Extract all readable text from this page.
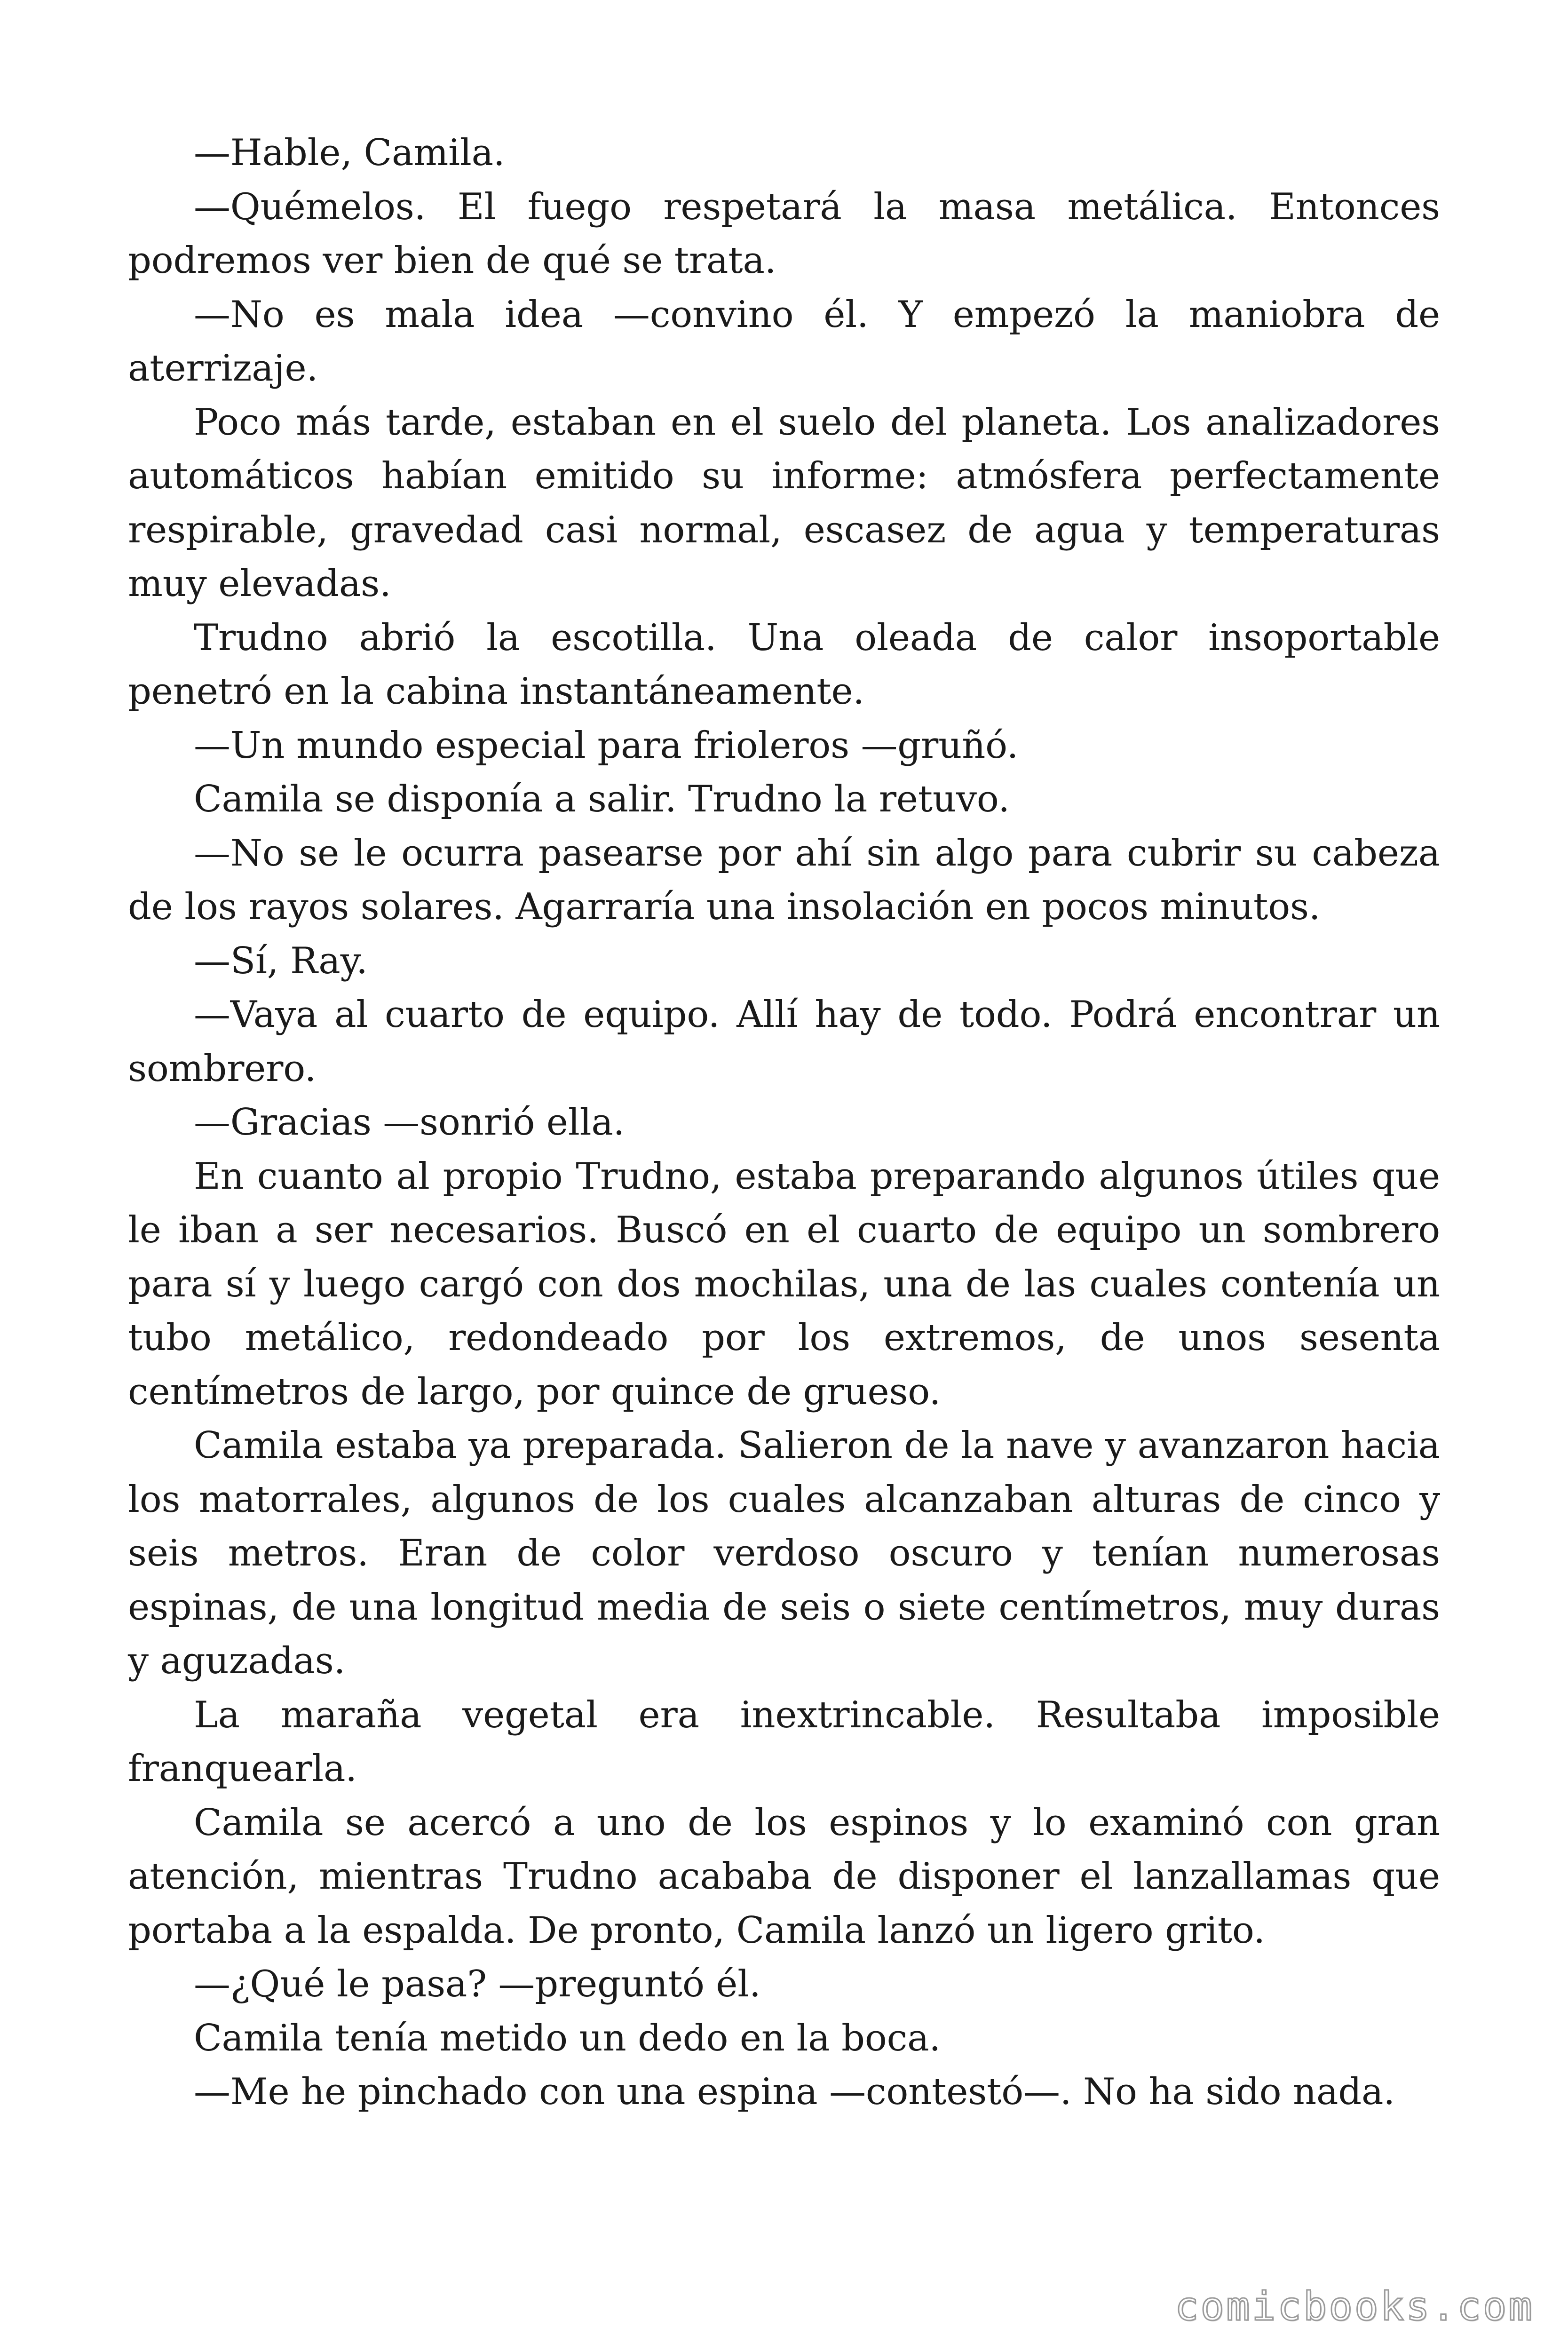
—Hable, Camila.

—Quémelos. El fuego respetará la masa metálica. Entonces podremos ver bien de qué se trata.

—No es mala idea —convino él. Y empezó la maniobra de aterrizaje.

Poco más tarde, estaban en el suelo del planeta. Los analizadores automáticos habían emitido su informe: atmósfera perfectamente respirable, gravedad casi normal, escasez de agua y temperaturas muy elevadas.

Trudno abrió la escotilla. Una oleada de calor insoportable penetró en la cabina instantáneamente.

—Un mundo especial para frioleros —gruñó.

Camila se disponía a salir. Trudno la retuvo.

—No se le ocurra pasearse por ahí sin algo para cubrir su cabeza de los rayos solares. Agarraría una insolación en pocos minutos.

—Sí, Ray.

—Vaya al cuarto de equipo. Allí hay de todo. Podrá encontrar un sombrero.

—Gracias —sonrió ella.

En cuanto al propio Trudno, estaba preparando algunos útiles que le iban a ser necesarios. Buscó en el cuarto de equipo un sombrero para sí y luego cargó con dos mochilas, una de las cuales contenía un tubo metálico, redondeado por los extremos, de unos sesenta centímetros de largo, por quince de grueso.

Camila estaba ya preparada. Salieron de la nave y avanzaron hacia los matorrales, algunos de los cuales alcanzaban alturas de cinco y seis metros. Eran de color verdoso oscuro y tenían numerosas espinas, de una longitud media de seis o siete centímetros, muy duras y aguzadas.

La maraña vegetal era inextrincable. Resultaba imposible franquearla.

Camila se acercó a uno de los espinos y lo examinó con gran atención, mientras Trudno acababa de disponer el lanzallamas que portaba a la espalda. De pronto, Camila lanzó un ligero grito.

—¿Qué le pasa? —preguntó él.

Camila tenía metido un dedo en la boca.

—Me he pinchado con una espina —contestó—. No ha sido nada.

comicbooks.com
